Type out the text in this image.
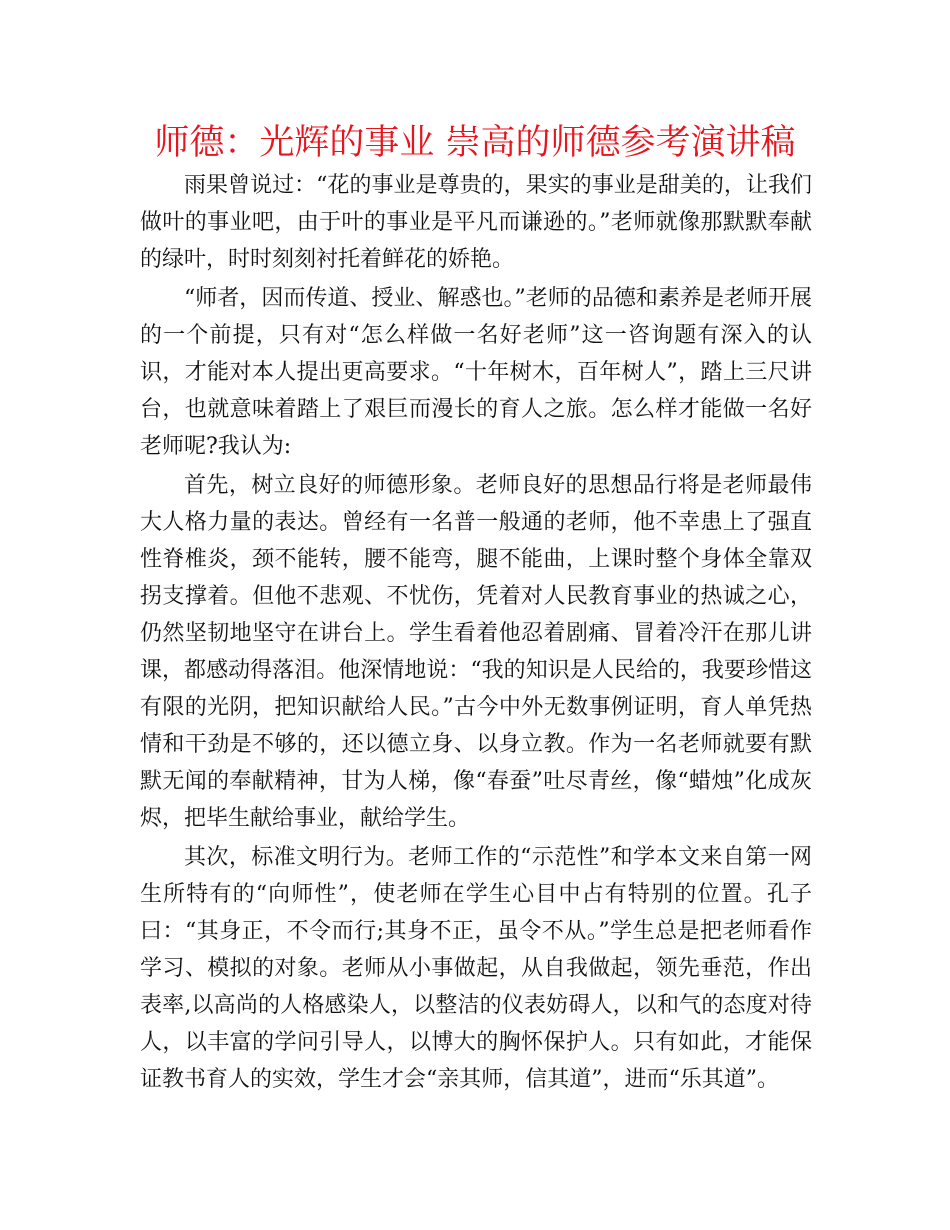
师德：光辉的事业 崇高的师德参考演讲稿

雨果曾说过：“花的事业是尊贵的，果实的事业是甜美的，让我们做叶的事业吧，由于叶的事业是平凡而谦逊的。”老师就像那默默奉献的绿叶，时时刻刻衬托着鲜花的娇艳。

“师者，因而传道、授业、解惑也。”老师的品德和素养是老师开展的一个前提，只有对“怎么样做一名好老师”这一咨询题有深入的认识，才能对本人提出更高要求。“十年树木，百年树人”，踏上三尺讲台，也就意味着踏上了艰巨而漫长的育人之旅。怎么样才能做一名好老师呢?我认为:

首先，树立良好的师德形象。老师良好的思想品行将是老师最伟大人格力量的表达。曾经有一名普一般通的老师，他不幸患上了强直性脊椎炎，颈不能转，腰不能弯，腿不能曲，上课时整个身体全靠双拐支撑着。但他不悲观、不忧伤，凭着对人民教育事业的热诚之心，仍然坚韧地坚守在讲台上。学生看着他忍着剧痛、冒着冷汗在那儿讲课，都感动得落泪。他深情地说：“我的知识是人民给的，我要珍惜这有限的光阴，把知识献给人民。”古今中外无数事例证明，育人单凭热情和干劲是不够的，还以德立身、以身立教。作为一名老师就要有默默无闻的奉献精神，甘为人梯，像“春蚕”吐尽青丝，像“蜡烛”化成灰烬，把毕生献给事业，献给学生。

其次，标准文明行为。老师工作的“示范性”和学本文来自第一网生所特有的“向师性”，使老师在学生心目中占有特别的位置。孔子曰：“其身正，不令而行;其身不正，虽令不从。”学生总是把老师看作学习、模拟的对象。老师从小事做起，从自我做起，领先垂范，作出表率,以高尚的人格感染人，以整洁的仪表妨碍人，以和气的态度对待人，以丰富的学问引导人，以博大的胸怀保护人。只有如此，才能保证教书育人的实效，学生才会“亲其师，信其道”，进而“乐其道”。
